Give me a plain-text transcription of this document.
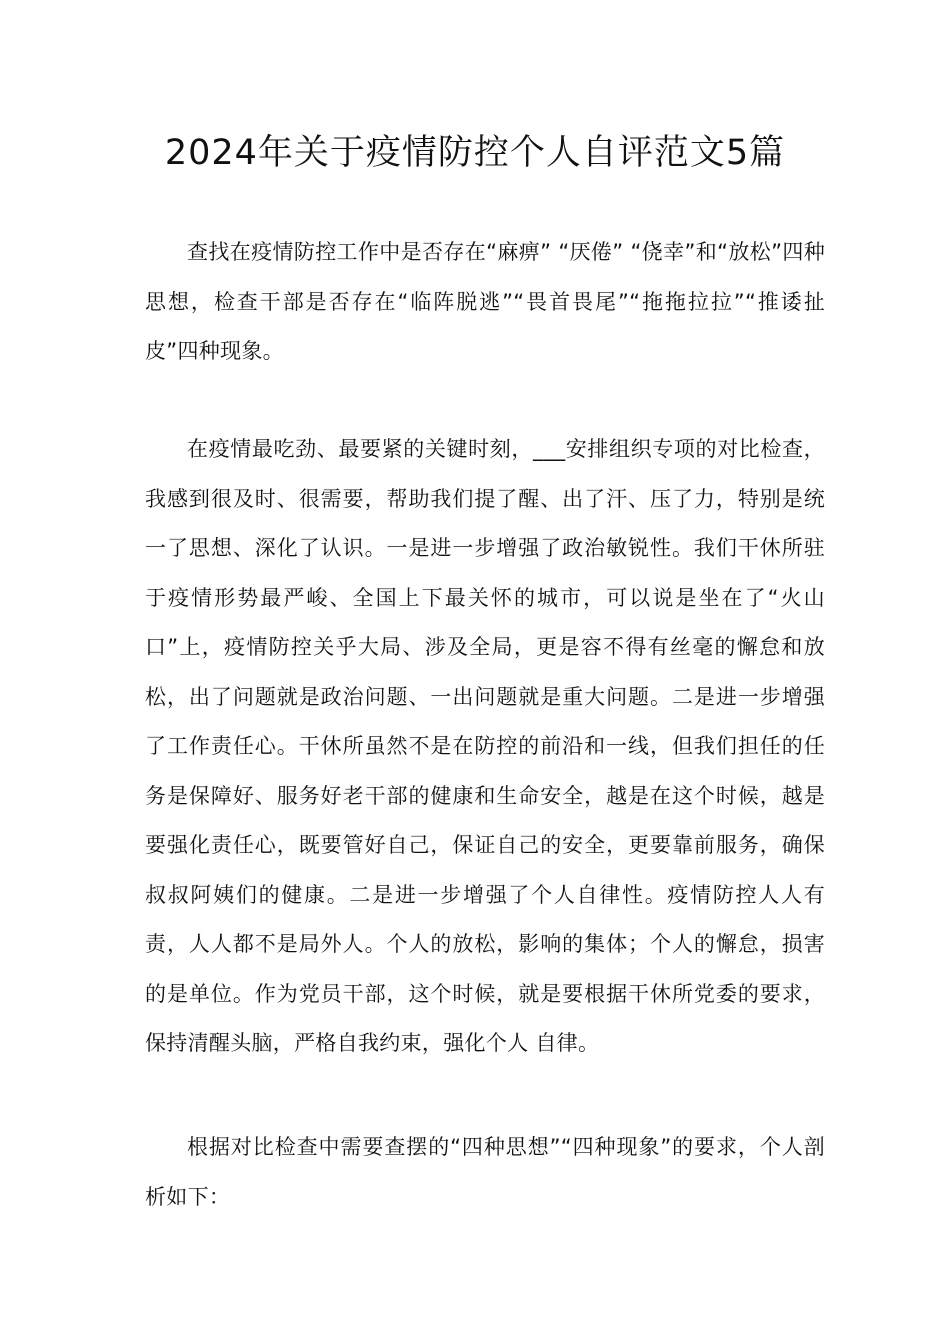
2024年关于疫情防控个人自评范文5篇

查找在疫情防控工作中是否存在“麻痹” “厌倦” “侥幸”和“放松”四种思想，检查干部是否存在“临阵脱逃”“畏首畏尾”“拖拖拉拉”“推诿扯皮”四种现象。

在疫情最吃劲、最要紧的关键时刻，___安排组织专项的对比检查，我感到很及时、很需要，帮助我们提了醒、出了汗、压了力，特别是统一了思想、深化了认识。一是进一步增强了政治敏锐性。我们干休所驻于疫情形势最严峻、全国上下最关怀的城市，可以说是坐在了“火山口”上，疫情防控关乎大局、涉及全局，更是容不得有丝毫的懈怠和放松，出了问题就是政治问题、一出问题就是重大问题。二是进一步增强了工作责任心。干休所虽然不是在防控的前沿和一线，但我们担任的任务是保障好、服务好老干部的健康和生命安全，越是在这个时候，越是要强化责任心，既要管好自己，保证自己的安全，更要靠前服务，确保叔叔阿姨们的健康。二是进一步增强了个人自律性。疫情防控人人有责，人人都不是局外人。个人的放松，影响的集体；个人的懈怠，损害的是单位。作为党员干部，这个时候，就是要根据干休所党委的要求，保持清醒头脑，严格自我约束，强化个人 自律。

根据对比检查中需要查摆的“四种思想”“四种现象”的要求，个人剖析如下：
